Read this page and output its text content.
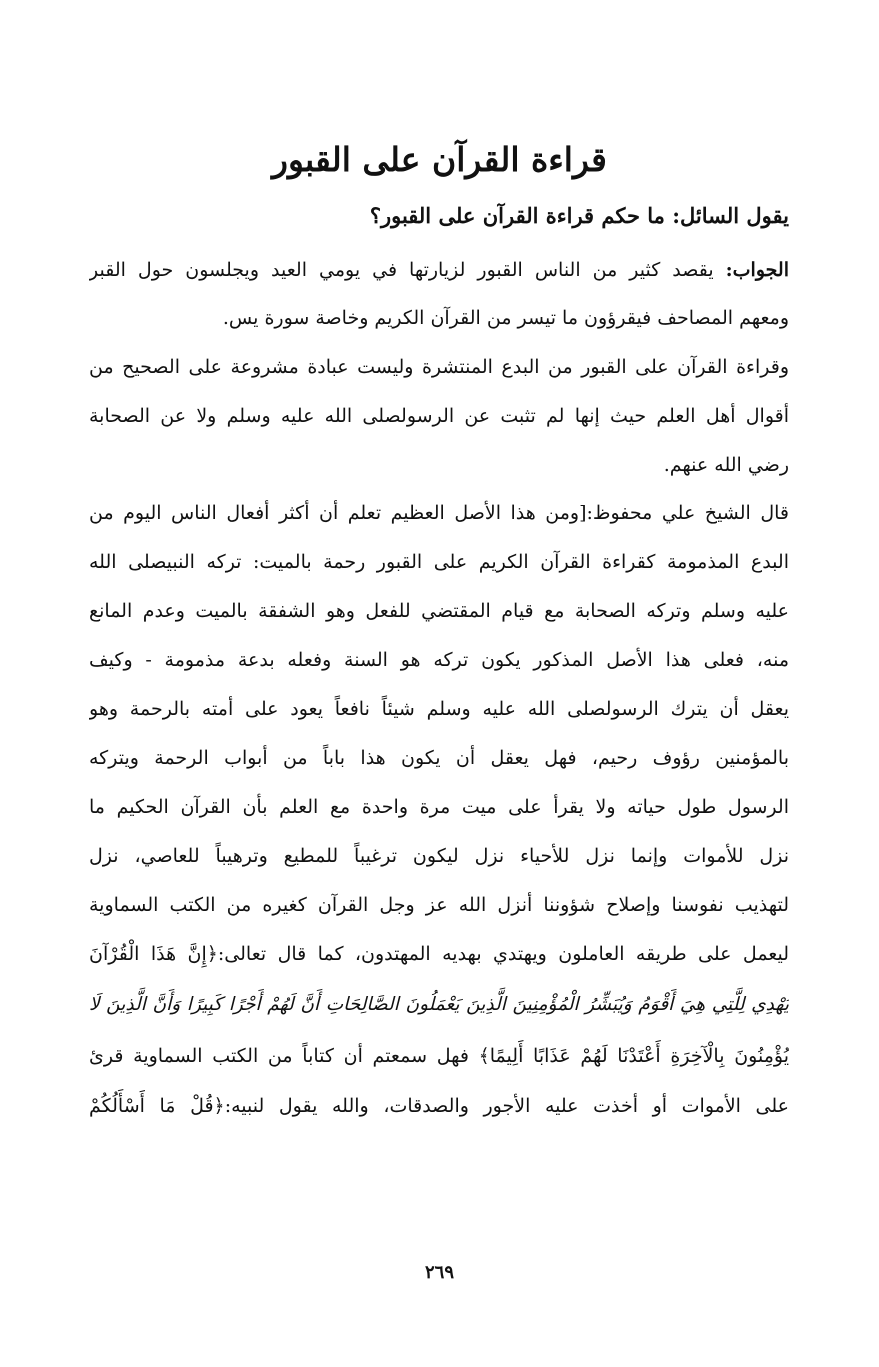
قراءة القرآن على القبور
يقول السائل: ما حكم قراءة القرآن على القبور؟
الجواب: يقصد كثير من الناس القبور لزيارتها في يومي العيد ويجلسون حول القبر
ومعهم المصاحف فيقرؤون ما تيسر من القرآن الكريم وخاصة سورة يس.
وقراءة القرآن على القبور من البدع المنتشرة وليست عبادة مشروعة على الصحيح من
أقوال أهل العلم حيث إنها لم تثبت عن الرسولصلى الله عليه وسلم ولا عن الصحابة
رضي الله عنهم.
قال الشيخ علي محفوظ:[ومن هذا الأصل العظيم تعلم أن أكثر أفعال الناس اليوم من
البدع المذمومة كقراءة القرآن الكريم على القبور رحمة بالميت: تركه النبيصلى الله
عليه وسلم وتركه الصحابة مع قيام المقتضي للفعل وهو الشفقة بالميت وعدم المانع
منه، فعلى هذا الأصل المذكور يكون تركه هو السنة وفعله بدعة مذمومة - وكيف
يعقل أن يترك الرسولصلى الله عليه وسلم شيئاً نافعاً يعود على أمته بالرحمة وهو
بالمؤمنين رؤوف رحيم، فهل يعقل أن يكون هذا باباً من أبواب الرحمة ويتركه
الرسول طول حياته ولا يقرأ على ميت مرة واحدة مع العلم بأن القرآن الحكيم ما
نزل للأموات وإنما نزل للأحياء نزل ليكون ترغيباً للمطيع وترهيباً للعاصي، نزل
لتهذيب نفوسنا وإصلاح شؤوننا أنزل الله عز وجل القرآن كغيره من الكتب السماوية
ليعمل على طريقه العاملون ويهتدي بهديه المهتدون، كما قال تعالى:﴿إِنَّ هَذَا الْقُرْآنَ
يَهْدِي لِلَّتِي هِيَ أَقْوَمُ وَيُبَشِّرُ الْمُؤْمِنِينَ الَّذِينَ يَعْمَلُونَ الصَّالِحَاتِ أَنَّ لَهُمْ أَجْرًا كَبِيرًا وَأَنَّ الَّذِينَ لَا
يُؤْمِنُونَ بِالْآخِرَةِ أَعْتَدْنَا لَهُمْ عَذَابًا أَلِيمًا﴾ فهل سمعتم أن كتاباً من الكتب السماوية قرئ
على الأموات أو أخذت عليه الأجور والصدقات، والله يقول لنبيه:﴿قُلْ مَا أَسْأَلُكُمْ
٢٦٩
